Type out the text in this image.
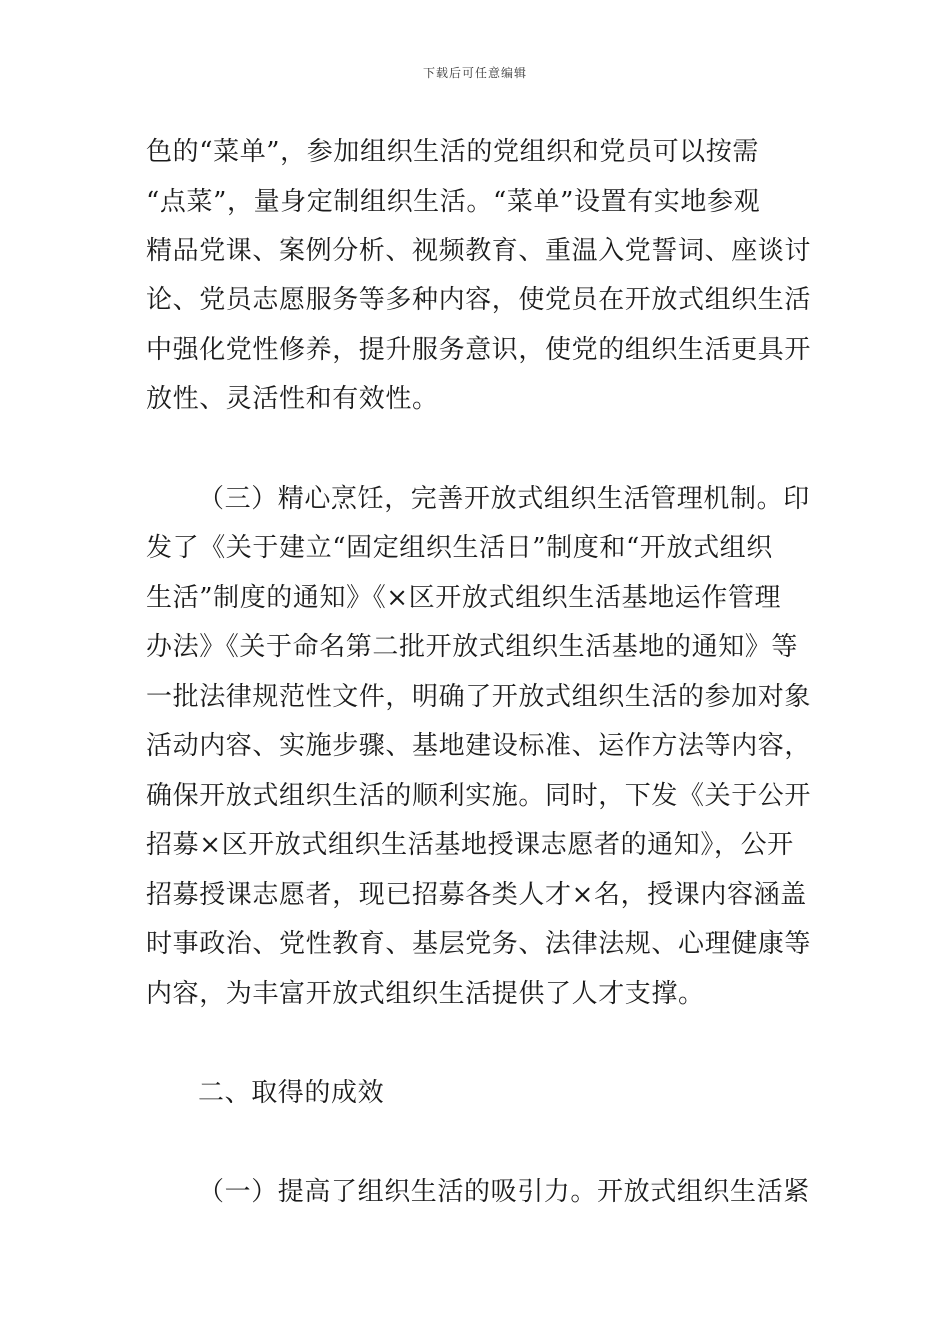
下载后可任意编辑
色的“菜单”，参加组织生活的党组织和党员可以按需
“点菜”，量身定制组织生活。“菜单”设置有实地参观
精品党课、案例分析、视频教育、重温入党誓词、座谈讨
论、党员志愿服务等多种内容，使党员在开放式组织生活
中强化党性修养，提升服务意识，使党的组织生活更具开
放性、灵活性和有效性。
（三）精心烹饪，完善开放式组织生活管理机制。印
发了《关于建立“固定组织生活日”制度和“开放式组织
生活”制度的通知》《×区开放式组织生活基地运作管理
办法》《关于命名第二批开放式组织生活基地的通知》等
一批法律规范性文件，明确了开放式组织生活的参加对象
活动内容、实施步骤、基地建设标准、运作方法等内容，
确保开放式组织生活的顺利实施。同时，下发《关于公开
招募×区开放式组织生活基地授课志愿者的通知》，公开
招募授课志愿者，现已招募各类人才×名，授课内容涵盖
时事政治、党性教育、基层党务、法律法规、心理健康等
内容，为丰富开放式组织生活提供了人才支撑。
二、取得的成效
（一）提高了组织生活的吸引力。开放式组织生活紧
